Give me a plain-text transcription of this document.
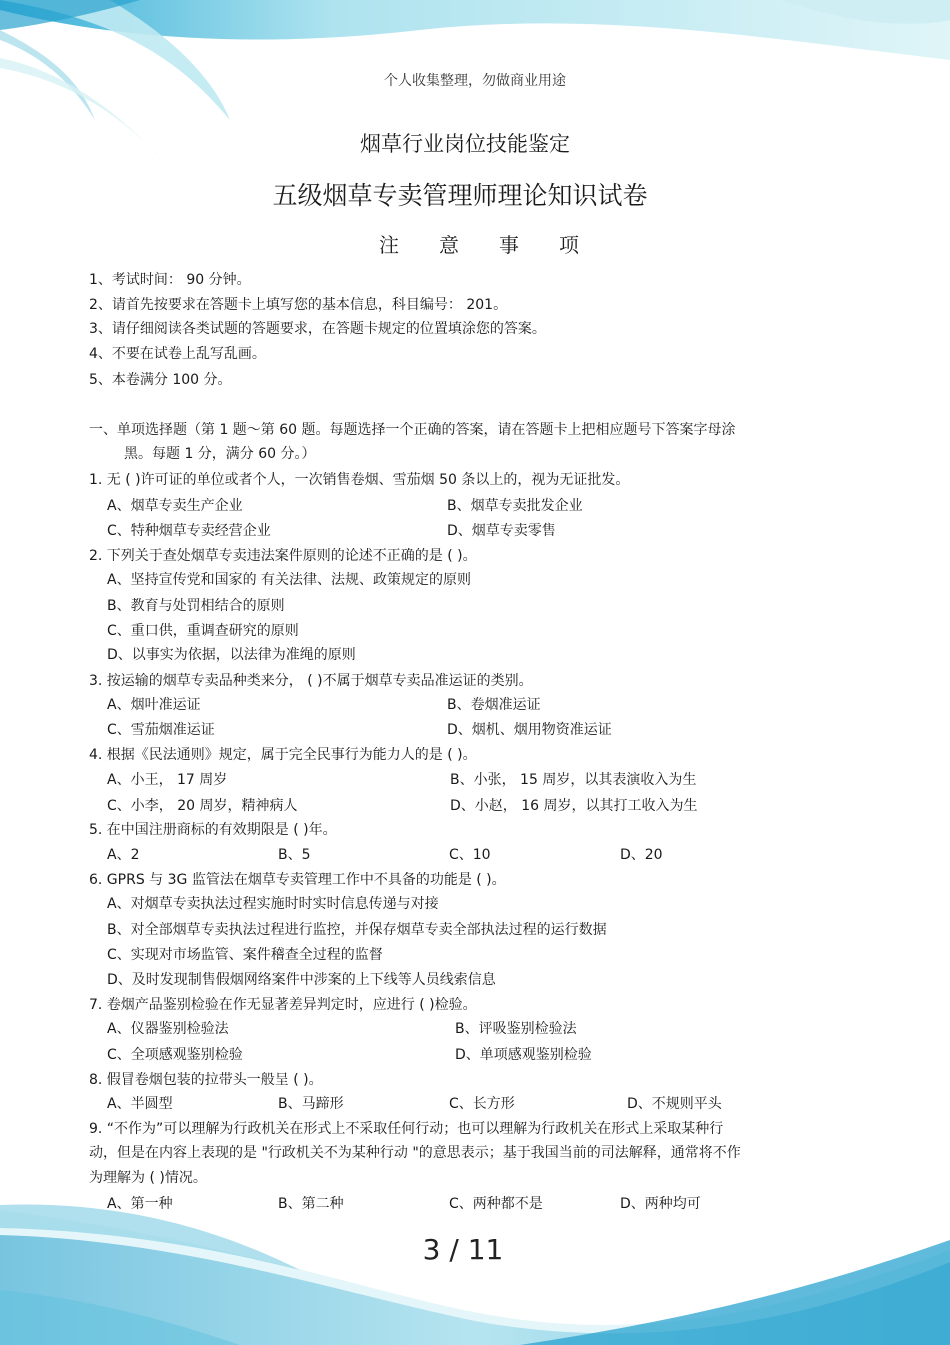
个人收集整理，勿做商业用途
烟草行业岗位技能鉴定
五级烟草专卖管理师理论知识试卷
注意事项
1、考试时间： 90 分钟。
2、请首先按要求在答题卡上填写您的基本信息，科目编号： 201。
3、请仔细阅读各类试题的答题要求，在答题卡规定的位置填涂您的答案。
4、不要在试卷上乱写乱画。
5、本卷满分 100 分。
一、单项选择题（第 1 题～第 60 题。每题选择一个正确的答案，请在答题卡上把相应题号下答案字母涂
黑。每题 1 分，满分 60 分。）
1. 无 ( )许可证的单位或者个人，一次销售卷烟、雪茄烟 50 条以上的，视为无证批发。
A、烟草专卖生产企业	B、烟草专卖批发企业
C、特种烟草专卖经营企业	D、烟草专卖零售
2. 下列关于查处烟草专卖违法案件原则的论述不正确的是 ( )。
A、坚持宣传党和国家的 有关法律、法规、政策规定的原则
B、教育与处罚相结合的原则
C、重口供，重调查研究的原则
D、以事实为依据，以法律为准绳的原则
3. 按运输的烟草专卖品种类来分， ( )不属于烟草专卖品准运证的类别。
A、烟叶准运证	B、卷烟准运证
C、雪茄烟准运证	D、烟机、烟用物资准运证
4. 根据《民法通则》规定，属于完全民事行为能力人的是 ( )。
A、小王， 17 周岁	B、小张， 15 周岁，以其表演收入为生
C、小李， 20 周岁，精神病人	D、小赵， 16 周岁，以其打工收入为生
5. 在中国注册商标的有效期限是 ( )年。
A、2	B、5	C、10	D、20
6. GPRS 与 3G 监管法在烟草专卖管理工作中不具备的功能是 ( )。
A、对烟草专卖执法过程实施时时实时信息传递与对接
B、对全部烟草专卖执法过程进行监控，并保存烟草专卖全部执法过程的运行数据
C、实现对市场监管、案件稽查全过程的监督
D、及时发现制售假烟网络案件中涉案的上下线等人员线索信息
7. 卷烟产品鉴别检验在作无显著差异判定时，应进行 ( )检验。
A、仪器鉴别检验法	B、评吸鉴别检验法
C、全项感观鉴别检验	D、单项感观鉴别检验
8. 假冒卷烟包装的拉带头一般呈 ( )。
A、半圆型	B、马蹄形	C、长方形	D、不规则平头
9. “不作为”可以理解为行政机关在形式上不采取任何行动；也可以理解为行政机关在形式上采取某种行
动，但是在内容上表现的是 "行政机关不为某种行动 "的意思表示；基于我国当前的司法解释，通常将不作
为理解为 ( )情况。
A、第一种	B、第二种	C、两种都不是	D、两种均可
3 / 11
